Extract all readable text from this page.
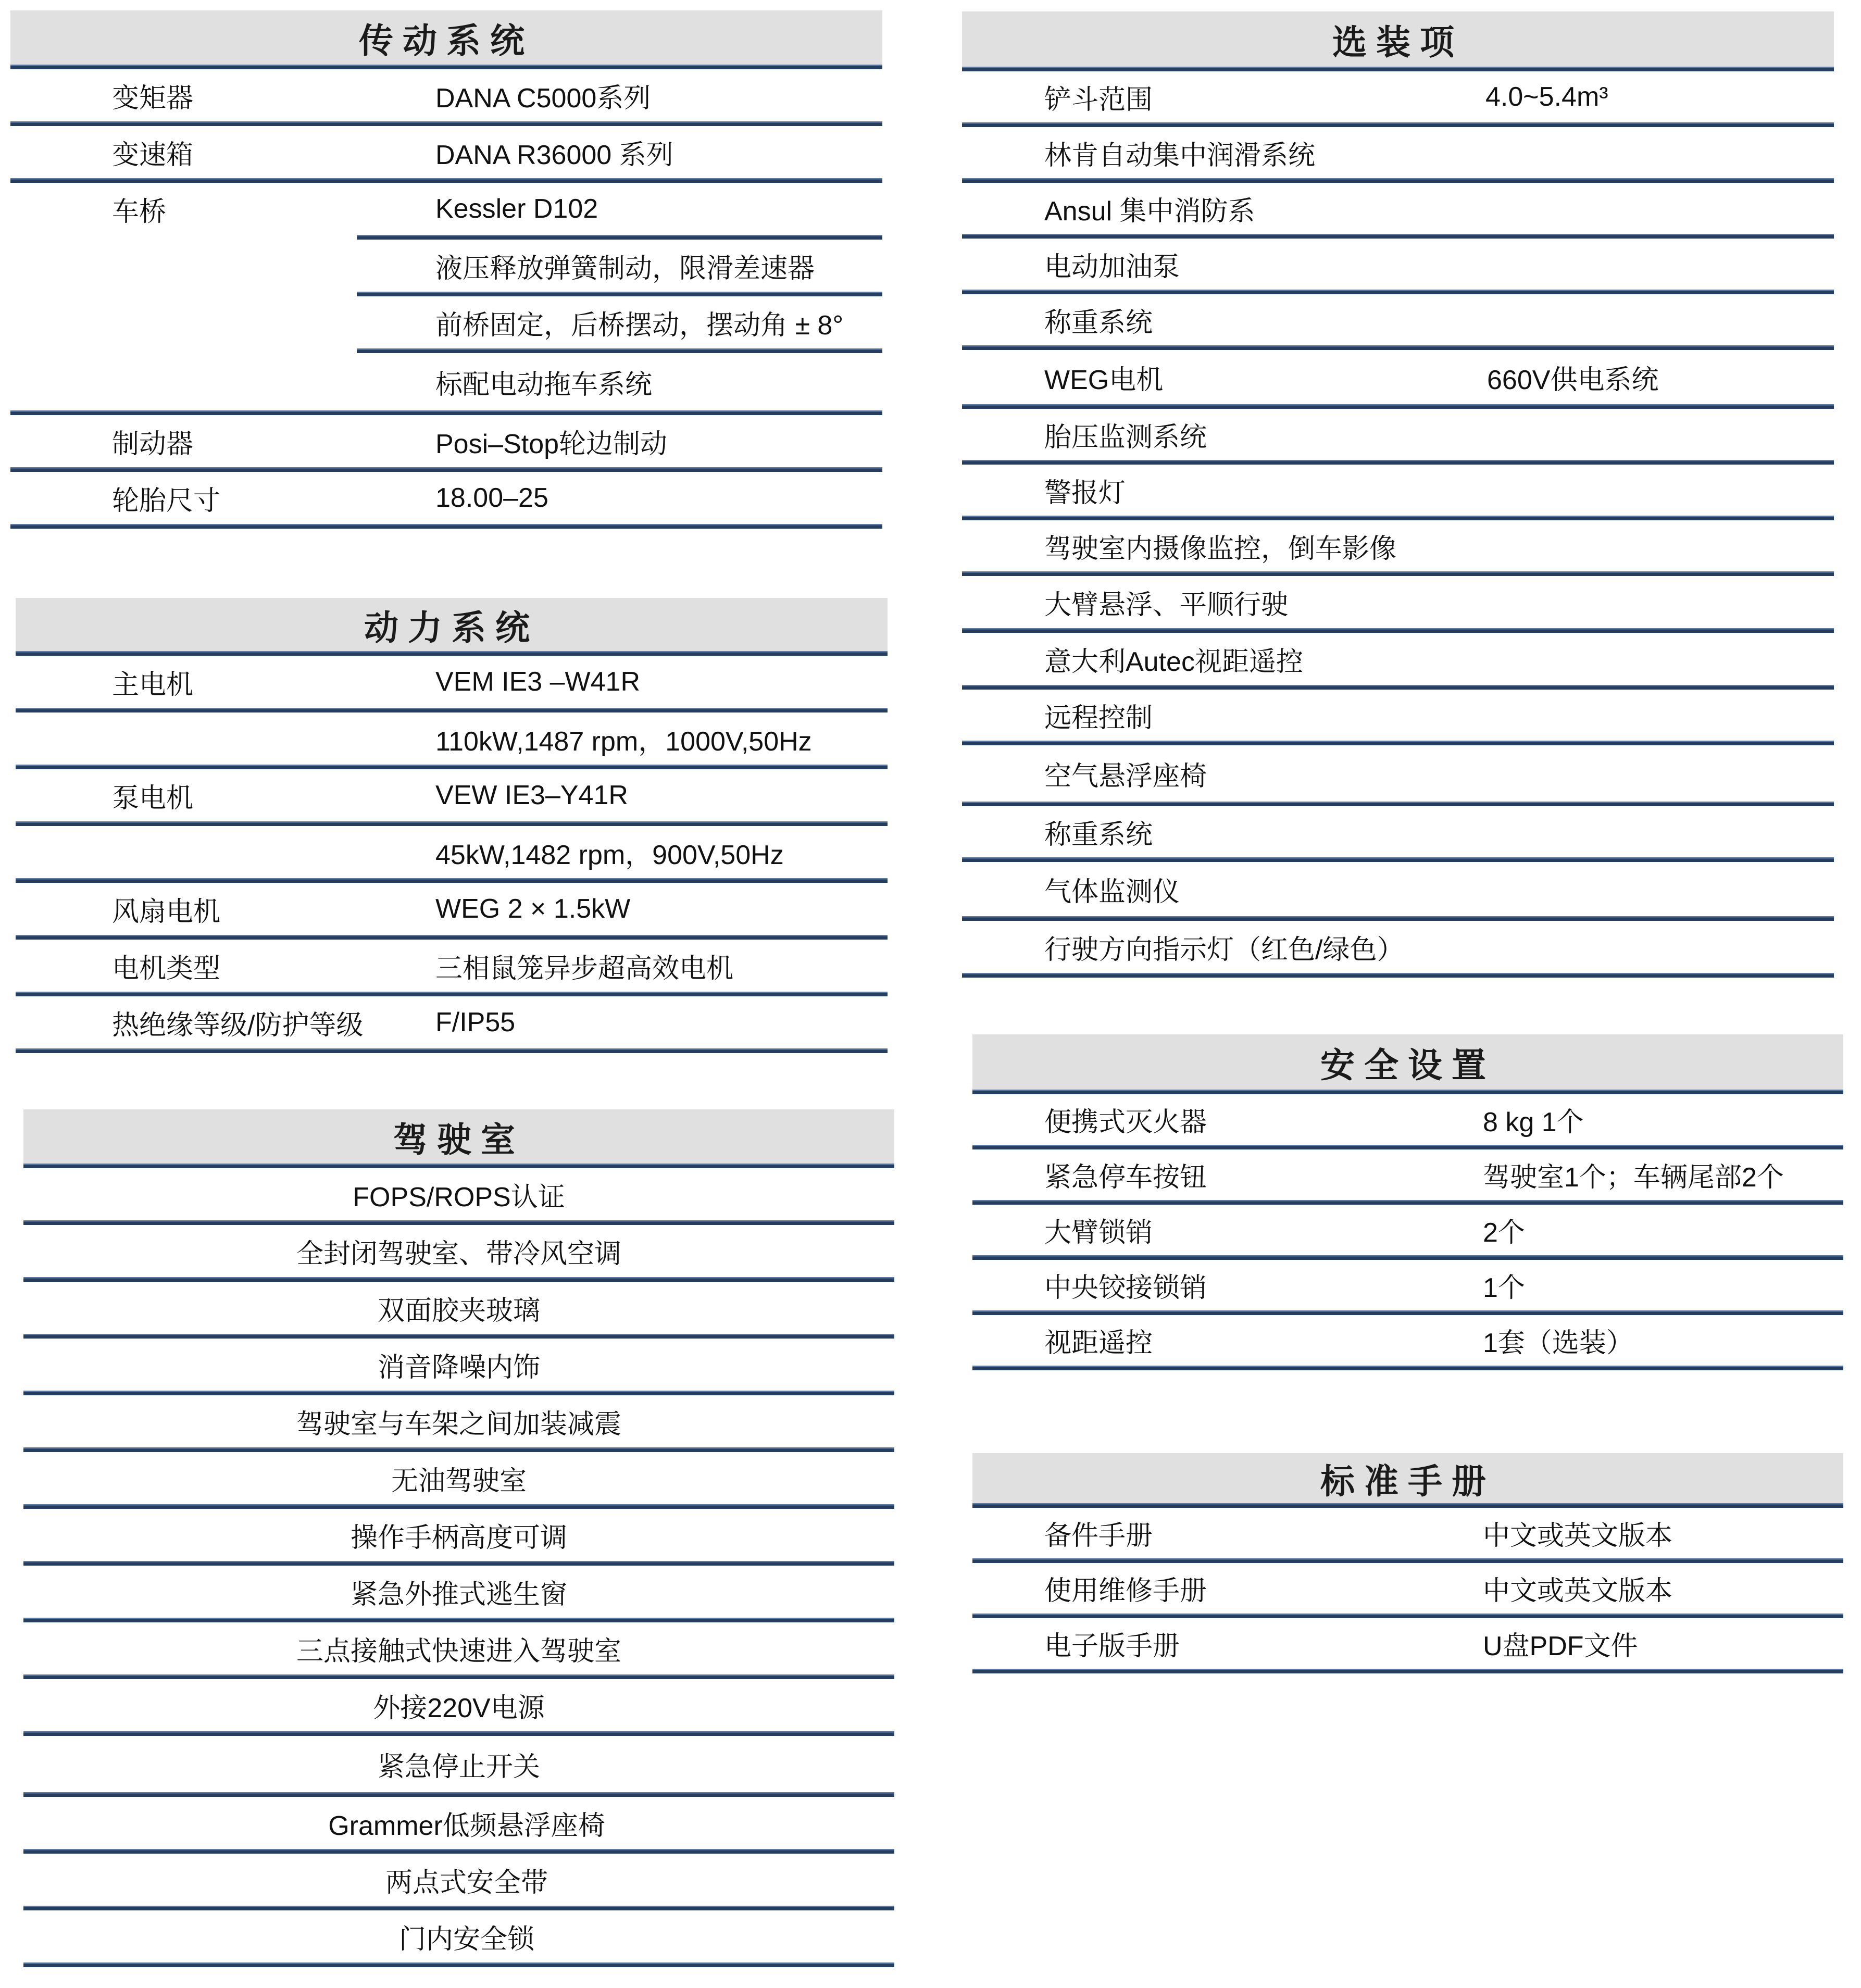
传动系统
变矩器	DANA C5000系列
变速箱	DANA R36000 系列
车桥	Kessler D102
液压释放弹簧制动，限滑差速器
前桥固定，后桥摆动，摆动角 ± 8°
标配电动拖车系统
制动器	Posi–Stop轮边制动
轮胎尺寸	18.00–25
动力系统
主电机	VEM IE3 –W41R
110kW,1487 rpm，1000V,50Hz
泵电机	VEW IE3–Y41R
45kW,1482 rpm，900V,50Hz
风扇电机	WEG 2 × 1.5kW
电机类型	三相鼠笼异步超高效电机
热绝缘等级/防护等级	F/IP55
驾驶室
FOPS/ROPS认证
全封闭驾驶室、带冷风空调
双面胶夹玻璃
消音降噪内饰
驾驶室与车架之间加装减震
无油驾驶室
操作手柄高度可调
紧急外推式逃生窗
三点接触式快速进入驾驶室
外接220V电源
紧急停止开关
Grammer低频悬浮座椅
两点式安全带
门内安全锁
选装项
铲斗范围	4.0~5.4m³
林肯自动集中润滑系统
Ansul 集中消防系
电动加油泵
称重系统
WEG电机	660V供电系统
胎压监测系统
警报灯
驾驶室内摄像监控，倒车影像
大臂悬浮、平顺行驶
意大利Autec视距遥控
远程控制
空气悬浮座椅
称重系统
气体监测仪
行驶方向指示灯（红色/绿色）
安全设置
便携式灭火器	8 kg 1个
紧急停车按钮	驾驶室1个；车辆尾部2个
大臂锁销	2个
中央铰接锁销	1个
视距遥控	1套（选装）
标准手册
备件手册	中文或英文版本
使用维修手册	中文或英文版本
电子版手册	U盘PDF文件
